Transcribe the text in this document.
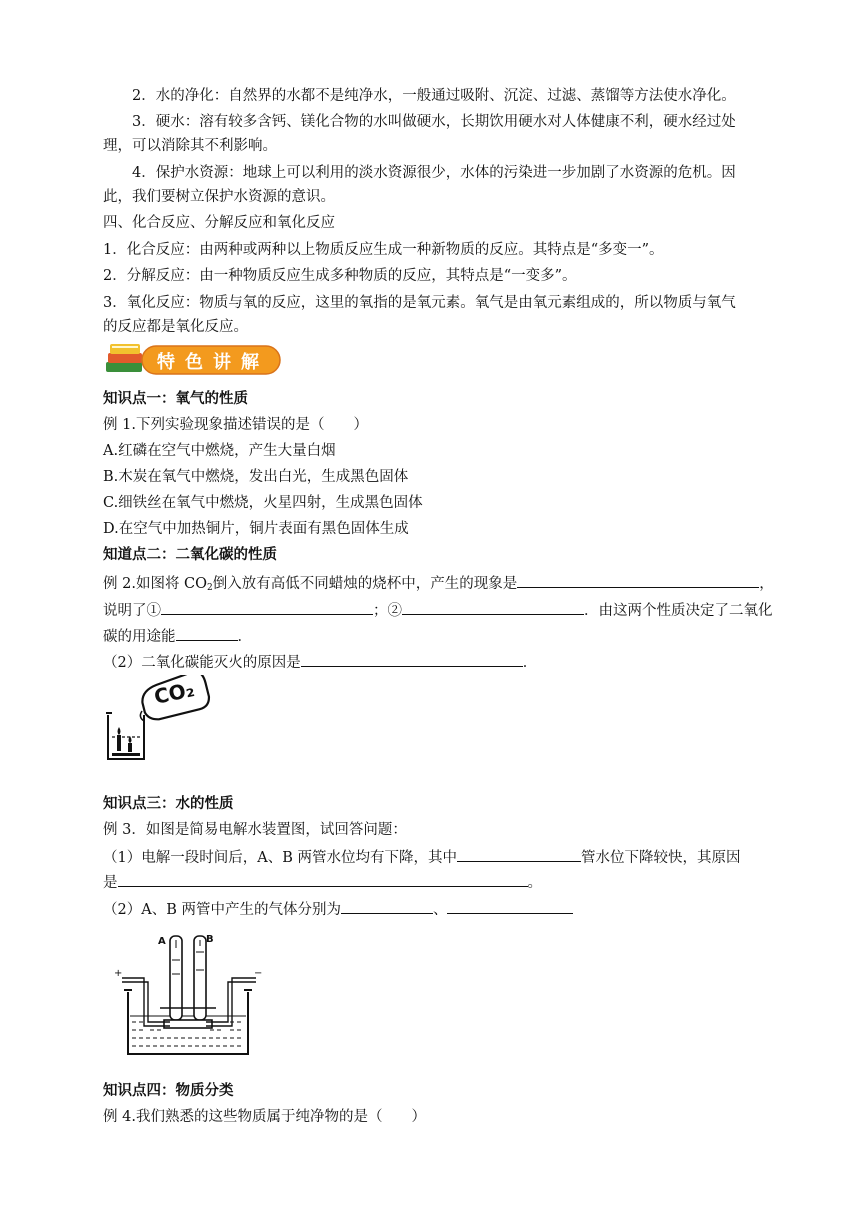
2．水的净化：自然界的水都不是纯净水，一般通过吸附、沉淀、过滤、蒸馏等方法使水净化。
3．硬水：溶有较多含钙、镁化合物的水叫做硬水，长期饮用硬水对人体健康不利，硬水经过处
理，可以消除其不利影响。
4．保护水资源：地球上可以利用的淡水资源很少，水体的污染进一步加剧了水资源的危机。因
此，我们要树立保护水资源的意识。
四、化合反应、分解反应和氧化反应
1．化合反应：由两种或两种以上物质反应生成一种新物质的反应。其特点是“多变一”。
2．分解反应：由一种物质反应生成多种物质的反应，其特点是“一变多”。
3．氧化反应：物质与氧的反应，这里的氧指的是氧元素。氧气是由氧元素组成的，所以物质与氧气
的反应都是氧化反应。
特色讲解
知识点一：氧气的性质
例 1.下列实验现象描述错误的是（　　）
A.红磷在空气中燃烧，产生大量白烟
B.木炭在氧气中燃烧，发出白光，生成黑色固体
C.细铁丝在氧气中燃烧，火星四射，生成黑色固体
D.在空气中加热铜片，铜片表面有黑色固体生成
知道点二：二氧化碳的性质
例 2.如图将 $CO_2$倒入放有高低不同蜡烛的烧杯中，产生的现象是	，
说明了①	；②	．由这两个性质决定了二氧化
碳的用途能	．
（2）二氧化碳能灭火的原因是	．
CO₂
知识点三：水的性质
例 3．如图是简易电解水装置图，试回答问题：
（1）电解一段时间后，A、B 两管水位均有下降，其中	管水位下降较快，其原因
是	。
（2）A、B 两管中产生的气体分别为	、
A	B
+	−
知识点四：物质分类
例 4.我们熟悉的这些物质属于纯净物的是（　　）
